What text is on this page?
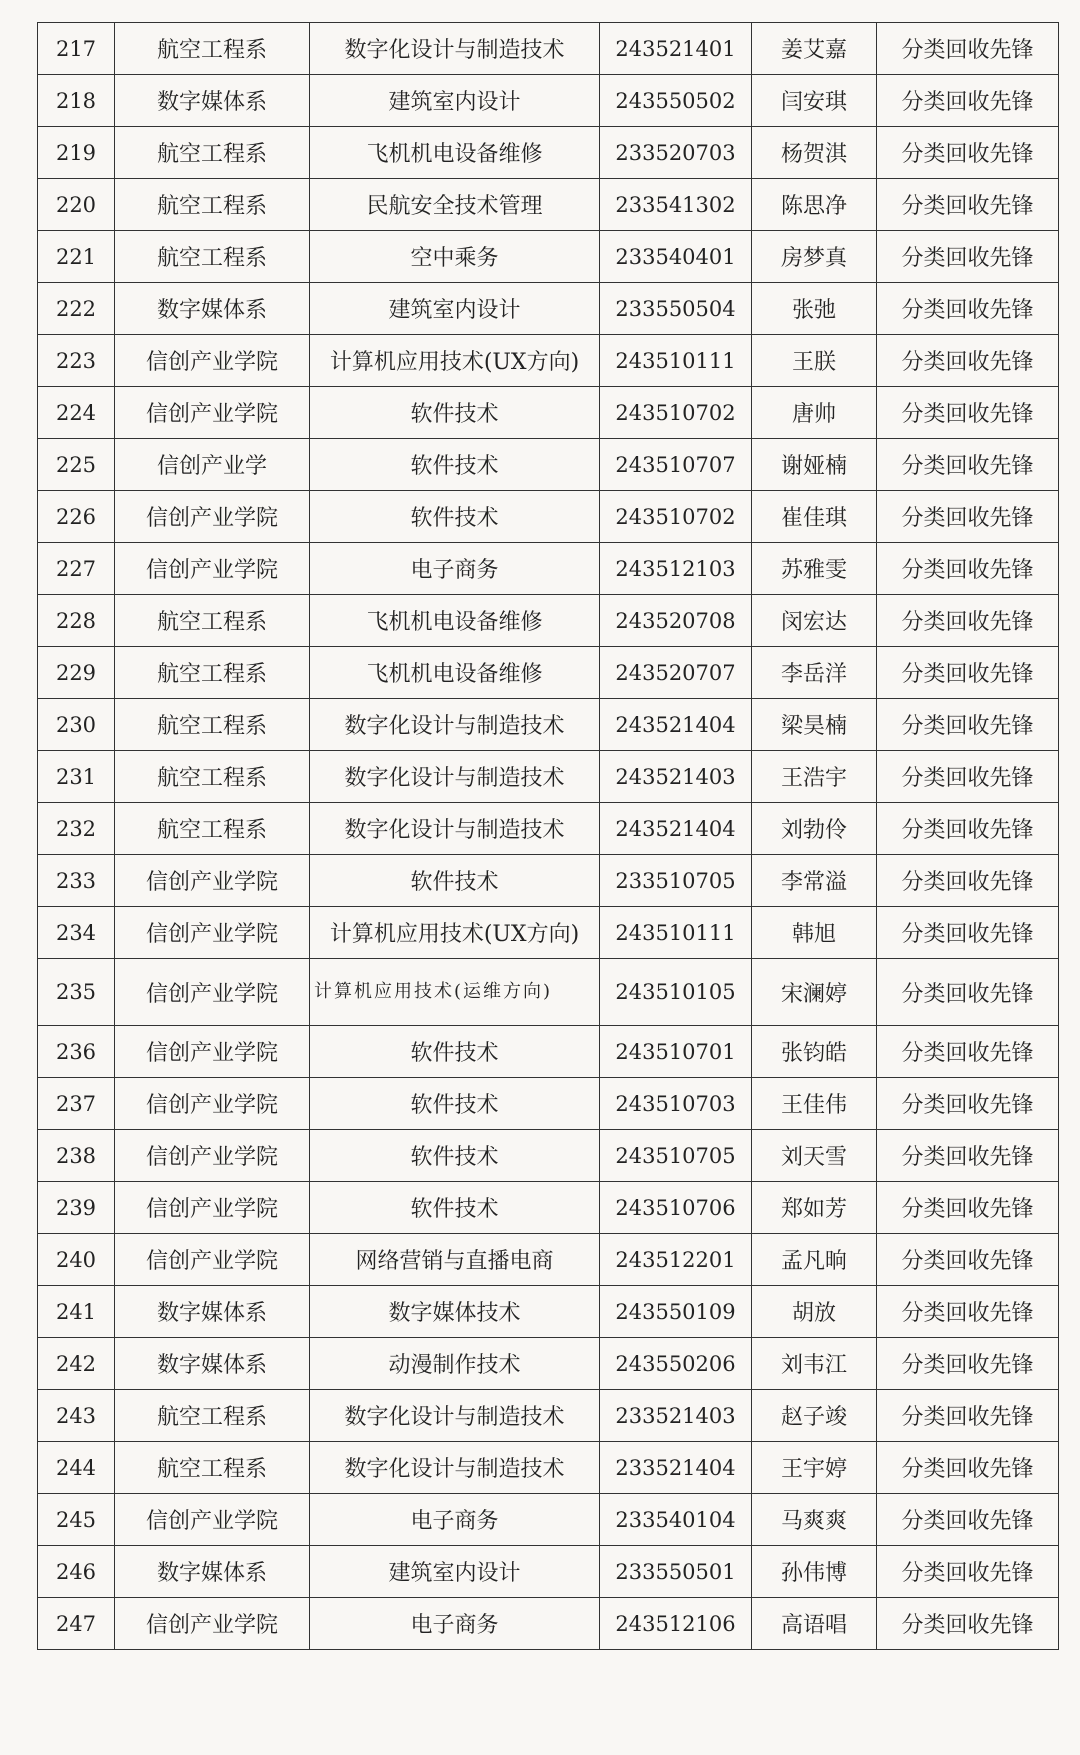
217	航空工程系	数字化设计与制造技术	243521401	姜艾嘉	分类回收先锋
218	数字媒体系	建筑室内设计	243550502	闫安琪	分类回收先锋
219	航空工程系	飞机机电设备维修	233520703	杨贺淇	分类回收先锋
220	航空工程系	民航安全技术管理	233541302	陈思净	分类回收先锋
221	航空工程系	空中乘务	233540401	房梦真	分类回收先锋
222	数字媒体系	建筑室内设计	233550504	张弛	分类回收先锋
223	信创产业学院	计算机应用技术(UX方向)	243510111	王朕	分类回收先锋
224	信创产业学院	软件技术	243510702	唐帅	分类回收先锋
225	信创产业学	软件技术	243510707	谢娅楠	分类回收先锋
226	信创产业学院	软件技术	243510702	崔佳琪	分类回收先锋
227	信创产业学院	电子商务	243512103	苏雅雯	分类回收先锋
228	航空工程系	飞机机电设备维修	243520708	闵宏达	分类回收先锋
229	航空工程系	飞机机电设备维修	243520707	李岳洋	分类回收先锋
230	航空工程系	数字化设计与制造技术	243521404	梁昊楠	分类回收先锋
231	航空工程系	数字化设计与制造技术	243521403	王浩宇	分类回收先锋
232	航空工程系	数字化设计与制造技术	243521404	刘勃伶	分类回收先锋
233	信创产业学院	软件技术	233510705	李常溢	分类回收先锋
234	信创产业学院	计算机应用技术(UX方向)	243510111	韩旭	分类回收先锋
235	信创产业学院	计算机应用技术(运维方向)	243510105	宋澜婷	分类回收先锋
236	信创产业学院	软件技术	243510701	张钧皓	分类回收先锋
237	信创产业学院	软件技术	243510703	王佳伟	分类回收先锋
238	信创产业学院	软件技术	243510705	刘天雪	分类回收先锋
239	信创产业学院	软件技术	243510706	郑如芳	分类回收先锋
240	信创产业学院	网络营销与直播电商	243512201	孟凡晌	分类回收先锋
241	数字媒体系	数字媒体技术	243550109	胡放	分类回收先锋
242	数字媒体系	动漫制作技术	243550206	刘韦江	分类回收先锋
243	航空工程系	数字化设计与制造技术	233521403	赵子竣	分类回收先锋
244	航空工程系	数字化设计与制造技术	233521404	王宇婷	分类回收先锋
245	信创产业学院	电子商务	233540104	马爽爽	分类回收先锋
246	数字媒体系	建筑室内设计	233550501	孙伟博	分类回收先锋
247	信创产业学院	电子商务	243512106	高语唱	分类回收先锋
